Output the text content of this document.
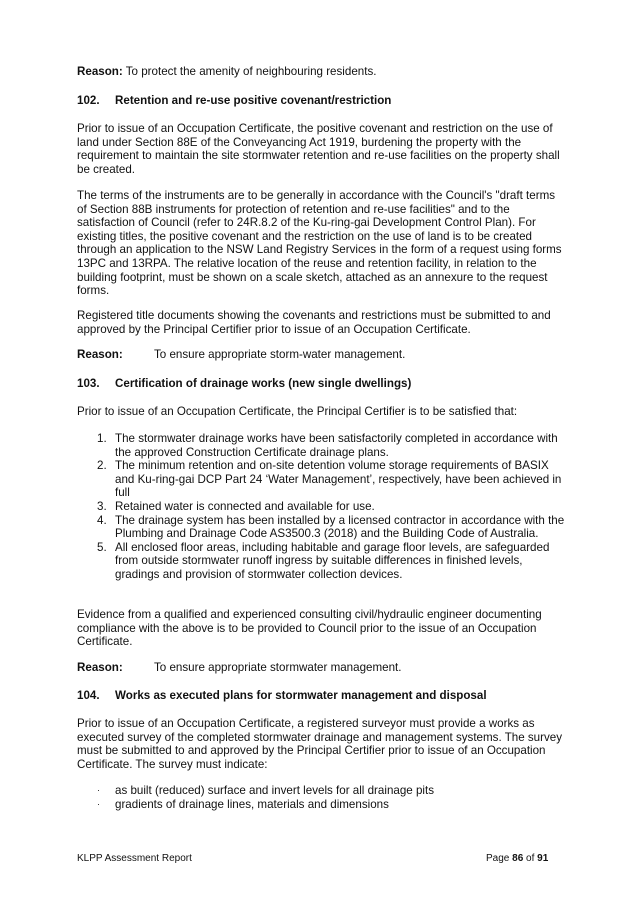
Reason: To protect the amenity of neighbouring residents.

102. Retention and re-use positive covenant/restriction

Prior to issue of an Occupation Certificate, the positive covenant and restriction on the use of land under Section 88E of the Conveyancing Act 1919, burdening the property with the requirement to maintain the site stormwater retention and re-use facilities on the property shall be created.

The terms of the instruments are to be generally in accordance with the Council's "draft terms of Section 88B instruments for protection of retention and re-use facilities" and to the satisfaction of Council (refer to 24R.8.2 of the Ku-ring-gai Development Control Plan). For existing titles, the positive covenant and the restriction on the use of land is to be created through an application to the NSW Land Registry Services in the form of a request using forms 13PC and 13RPA. The relative location of the reuse and retention facility, in relation to the building footprint, must be shown on a scale sketch, attached as an annexure to the request forms.

Registered title documents showing the covenants and restrictions must be submitted to and approved by the Principal Certifier prior to issue of an Occupation Certificate.

Reason:	To ensure appropriate storm-water management.

103. Certification of drainage works (new single dwellings)

Prior to issue of an Occupation Certificate, the Principal Certifier is to be satisfied that:

1. The stormwater drainage works have been satisfactorily completed in accordance with the approved Construction Certificate drainage plans.
2. The minimum retention and on-site detention volume storage requirements of BASIX and Ku-ring-gai DCP Part 24 ‘Water Management’, respectively, have been achieved in full
3. Retained water is connected and available for use.
4. The drainage system has been installed by a licensed contractor in accordance with the Plumbing and Drainage Code AS3500.3 (2018) and the Building Code of Australia.
5. All enclosed floor areas, including habitable and garage floor levels, are safeguarded from outside stormwater runoff ingress by suitable differences in finished levels, gradings and provision of stormwater collection devices.

Evidence from a qualified and experienced consulting civil/hydraulic engineer documenting compliance with the above is to be provided to Council prior to the issue of an Occupation Certificate.

Reason:	To ensure appropriate stormwater management.

104. Works as executed plans for stormwater management and disposal

Prior to issue of an Occupation Certificate, a registered surveyor must provide a works as executed survey of the completed stormwater drainage and management systems. The survey must be submitted to and approved by the Principal Certifier prior to issue of an Occupation Certificate. The survey must indicate:

· as built (reduced) surface and invert levels for all drainage pits
· gradients of drainage lines, materials and dimensions
KLPP Assessment Report	Page 86 of 91
